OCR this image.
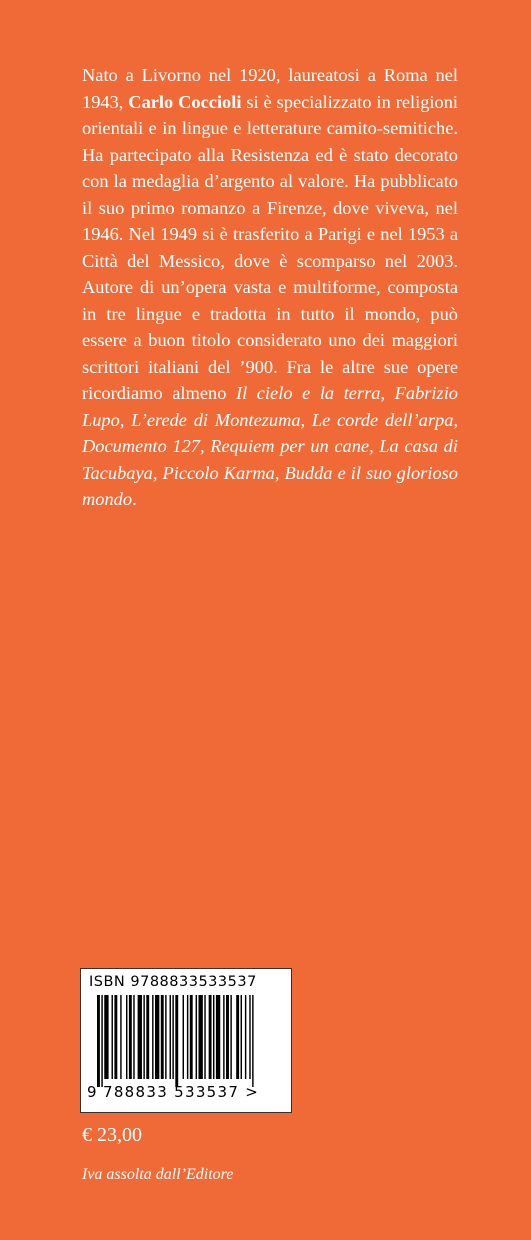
Nato a Livorno nel 1920, laureatosi a Roma nel 1943, Carlo Coccioli si è specializzato in religioni orientali e in lingue e letterature camito-semitiche. Ha partecipato alla Resistenza ed è stato decorato con la medaglia d’argento al valore. Ha pubblicato il suo primo romanzo a Firenze, dove viveva, nel 1946. Nel 1949 si è trasferito a Parigi e nel 1953 a Città del Messico, dove è scomparso nel 2003. Autore di un’opera vasta e multiforme, composta in tre lingue e tradotta in tutto il mondo, può essere a buon titolo considerato uno dei maggiori scrittori italiani del ’900. Fra le altre sue opere ricordiamo almeno Il cielo e la terra, Fabrizio Lupo, L’erede di Montezuma, Le corde dell’arpa, Documento 127, Requiem per un cane, La casa di Tacubaya, Piccolo Karma, Budda e il suo glorioso mondo.

ISBN 9788833533537
9 788833 533537 >
€ 23,00
Iva assolta dall’Editore
